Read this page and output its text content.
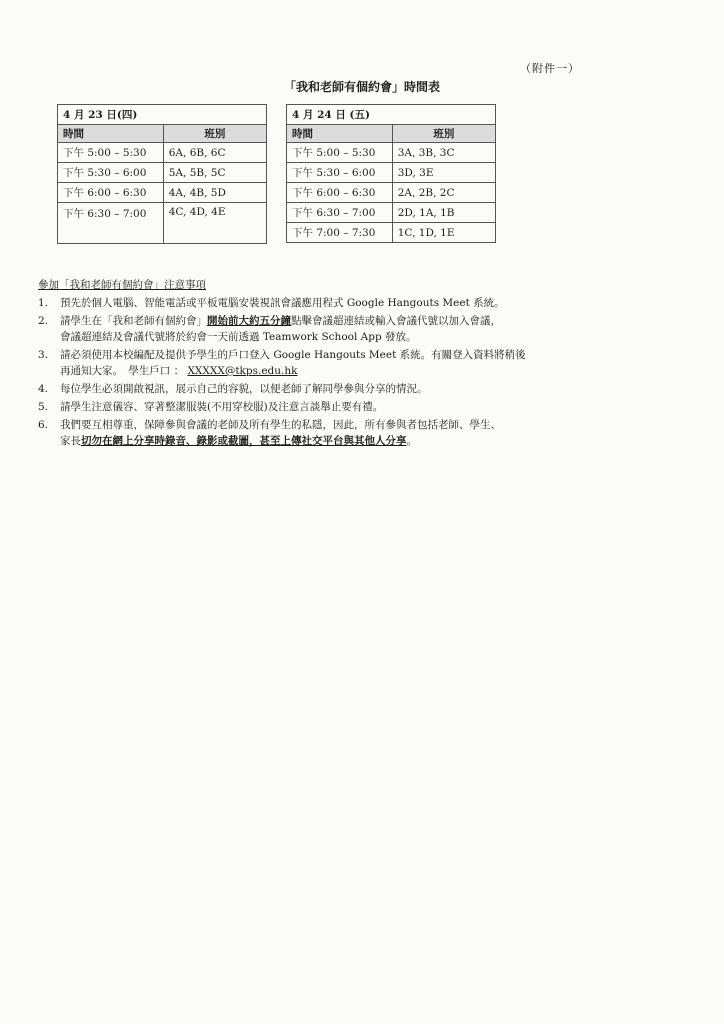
（附件一）
「我和老師有個約會」時間表
4 月 23 日(四)	
時間	班別
下午 5:00 – 5:30	6A, 6B, 6C
下午 5:30 – 6:00	5A, 5B, 5C
下午 6:00 – 6:30	4A, 4B, 5D
下午 6:30 – 7:00	4C, 4D, 4E
4 月 24 日 (五)	
時間	班別
下午 5:00 – 5:30	3A, 3B, 3C
下午 5:30 – 6:00	3D, 3E
下午 6:00 – 6:30	2A, 2B, 2C
下午 6:30 – 7:00	2D, 1A, 1B
下午 7:00 – 7:30	1C, 1D, 1E
參加「我和老師有個約會」注意事項
1.	預先於個人電腦、智能電話或平板電腦安裝視訊會議應用程式 Google Hangouts Meet 系統。
2.	請學生在「我和老師有個約會」開始前大約五分鐘點擊會議超連結或輸入會議代號以加入會議，
會議超連結及會議代號將於約會一天前透過 Teamwork School App 發放。
3.	請必須使用本校編配及提供予學生的戶口登入 Google Hangouts Meet 系統。有關登入資料將稍後
再通知大家。　學生戶口 ： XXXXX@tkps.edu.hk
4.	每位學生必須開啟視訊，展示自己的容貌，以便老師了解同學參與分享的情況。
5.	請學生注意儀容、穿著整潔服裝(不用穿校服)及注意言談舉止要有禮。
6.	我們要互相尊重，保障參與會議的老師及所有學生的私隱，因此，所有參與者包括老師、學生、
家長切勿在網上分享時錄音、錄影或截圖，甚至上傳社交平台與其他人分享。
